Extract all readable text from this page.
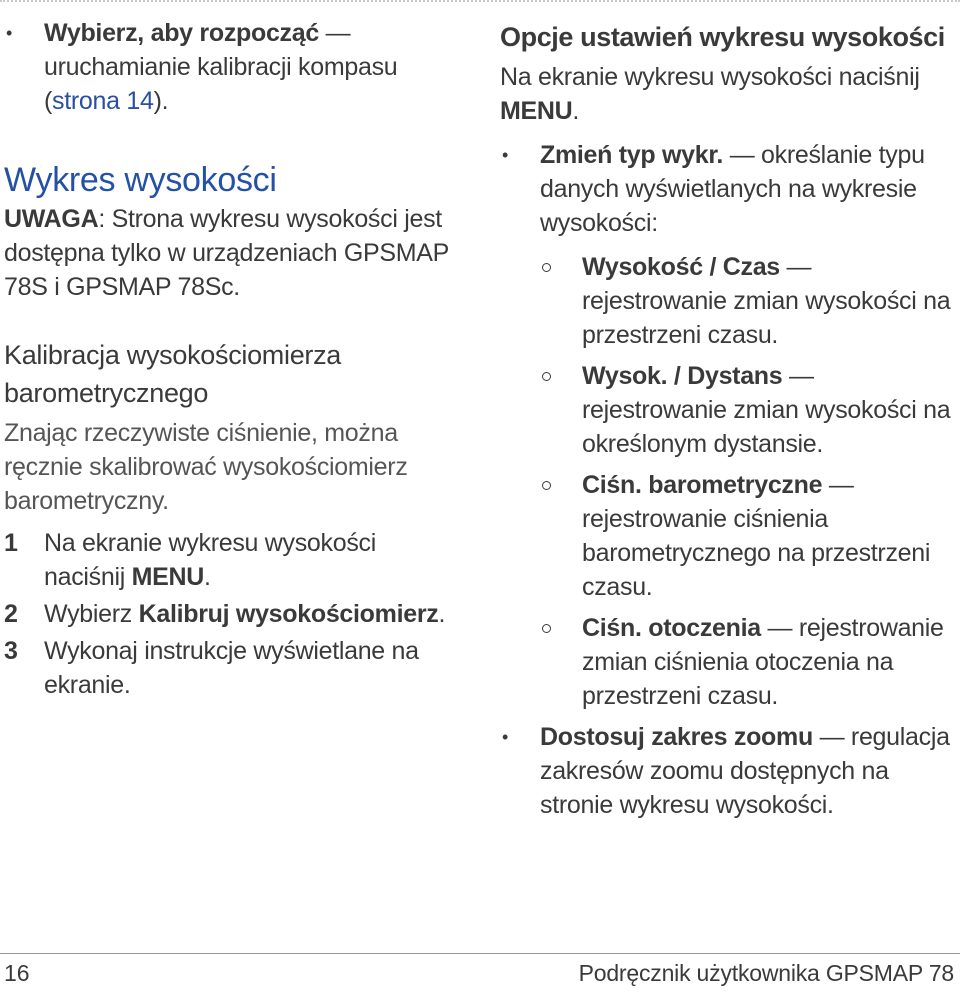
• Wybierz, aby rozpocząć — uruchamianie kalibracji kompasu (strona 14).
Wykres wysokości

UWAGA: Strona wykresu wysokości jest dostępna tylko w urządzeniach GPSMAP 78S i GPSMAP 78Sc.

Kalibracja wysokościomierza barometrycznego

Znając rzeczywiste ciśnienie, można ręcznie skalibrować wysokościomierz barometryczny.

1 Na ekranie wykresu wysokości naciśnij MENU.
2 Wybierz Kalibruj wysokościomierz.
3 Wykonaj instrukcje wyświetlane na ekranie.
Opcje ustawień wykresu wysokości

Na ekranie wykresu wysokości naciśnij MENU.

• Zmień typ wykr. — określanie typu danych wyświetlanych na wykresie wysokości:
Wysokość / Czas — rejestrowanie zmian wysokości na przestrzeni czasu.
Wysok. / Dystans — rejestrowanie zmian wysokości na określonym dystansie.
Ciśn. barometryczne — rejestrowanie ciśnienia barometrycznego na przestrzeni czasu.
Ciśn. otoczenia — rejestrowanie zmian ciśnienia otoczenia na przestrzeni czasu.
• Dostosuj zakres zoomu — regulacja zakresów zoomu dostępnych na stronie wykresu wysokości.
16	Podręcznik użytkownika GPSMAP 78
